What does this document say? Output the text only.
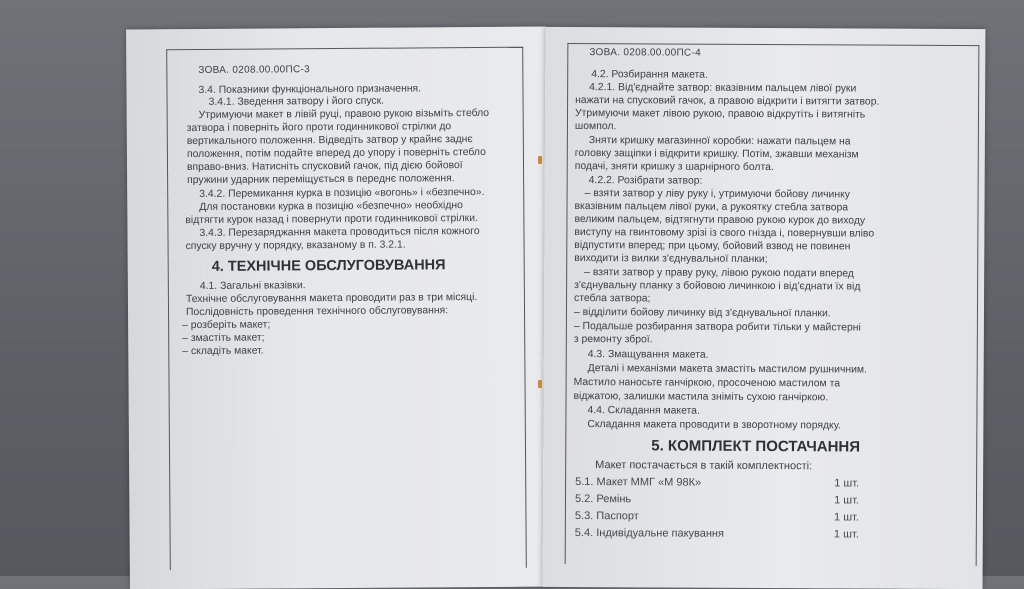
ЗОВА. 0208.00.00ПС-3
3.4. Показники функціонального призначення.
3.4.1. Зведення затвору і його спуск.
Утримуючи макет в лівій руці, правою рукою візьміть стебло
затвора і поверніть його проти годинникової стрілки до
вертикального положення. Відведіть затвор у крайнє заднє
положення, потім подайте вперед до упору і поверніть стебло
вправо-вниз. Натисніть спусковий гачок, під дією бойової
пружини ударник переміщується в переднє положення.
3.4.2. Перемикання курка в позицію «вогонь» і «безпечно».
Для постановки курка в позицію «безпечно» необхідно
відтягти курок назад і повернути проти годинникової стрілки.
3.4.3. Перезаряджання макета проводиться після кожного
спуску вручну у порядку, вказаному в п. 3.2.1.
4. ТЕХНІЧНЕ ОБСЛУГОВУВАННЯ
4.1. Загальні вказівки.
Технічне обслуговування макета проводити раз в три місяці.
Послідовність проведення технічного обслуговування:
– розберіть макет;
– змастіть макет;
– складіть макет.
ЗОВА. 0208.00.00ПС-4
4.2. Розбирання макета.
4.2.1. Від'єднайте затвор: вказівним пальцем лівої руки
нажати на спусковий гачок, а правою відкрити і витягти затвор.
Утримуючи макет лівою рукою, правою відкрутіть і витягніть
шомпол.
Зняти кришку магазинної коробки: нажати пальцем на
головку защіпки і відкрити кришку. Потім, зжавши механізм
подачі, зняти кришку з шарнірного болта.
4.2.2. Розібрати затвор:
– взяти затвор у ліву руку і, утримуючи бойову личинку
вказівним пальцем лівої руки, а рукоятку стебла затвора
великим пальцем, відтягнути правою рукою курок до виходу
виступу на гвинтовому зрізі із свого гнізда і, повернувши вліво
відпустити вперед; при цьому, бойовий взвод не повинен
виходити із вилки з'єднувальної планки;
– взяти затвор у праву руку, лівою рукою подати вперед
з'єднувальну планку з бойовою личинкою і від'єднати їх від
стебла затвора;
– відділити бойову личинку від з'єднувальної планки.
– Подальше розбирання затвора робити тільки у майстерні
з ремонту зброї.
4.3. Змащування макета.
Деталі і механізми макета змастіть мастилом рушничним.
Мастило наносьте ганчіркою, просоченою мастилом та
віджатою, залишки мастила зніміть сухою ганчіркою.
4.4. Складання макета.
Складання макета проводити в зворотному порядку.
5. КОМПЛЕКТ ПОСТАЧАННЯ
Макет постачається в такій комплектності:
5.1. Макет ММГ «М 98К»	1 шт.
5.2. Ремінь	1 шт.
5.3. Паспорт	1 шт.
5.4. Індивідуальне пакування	1 шт.
